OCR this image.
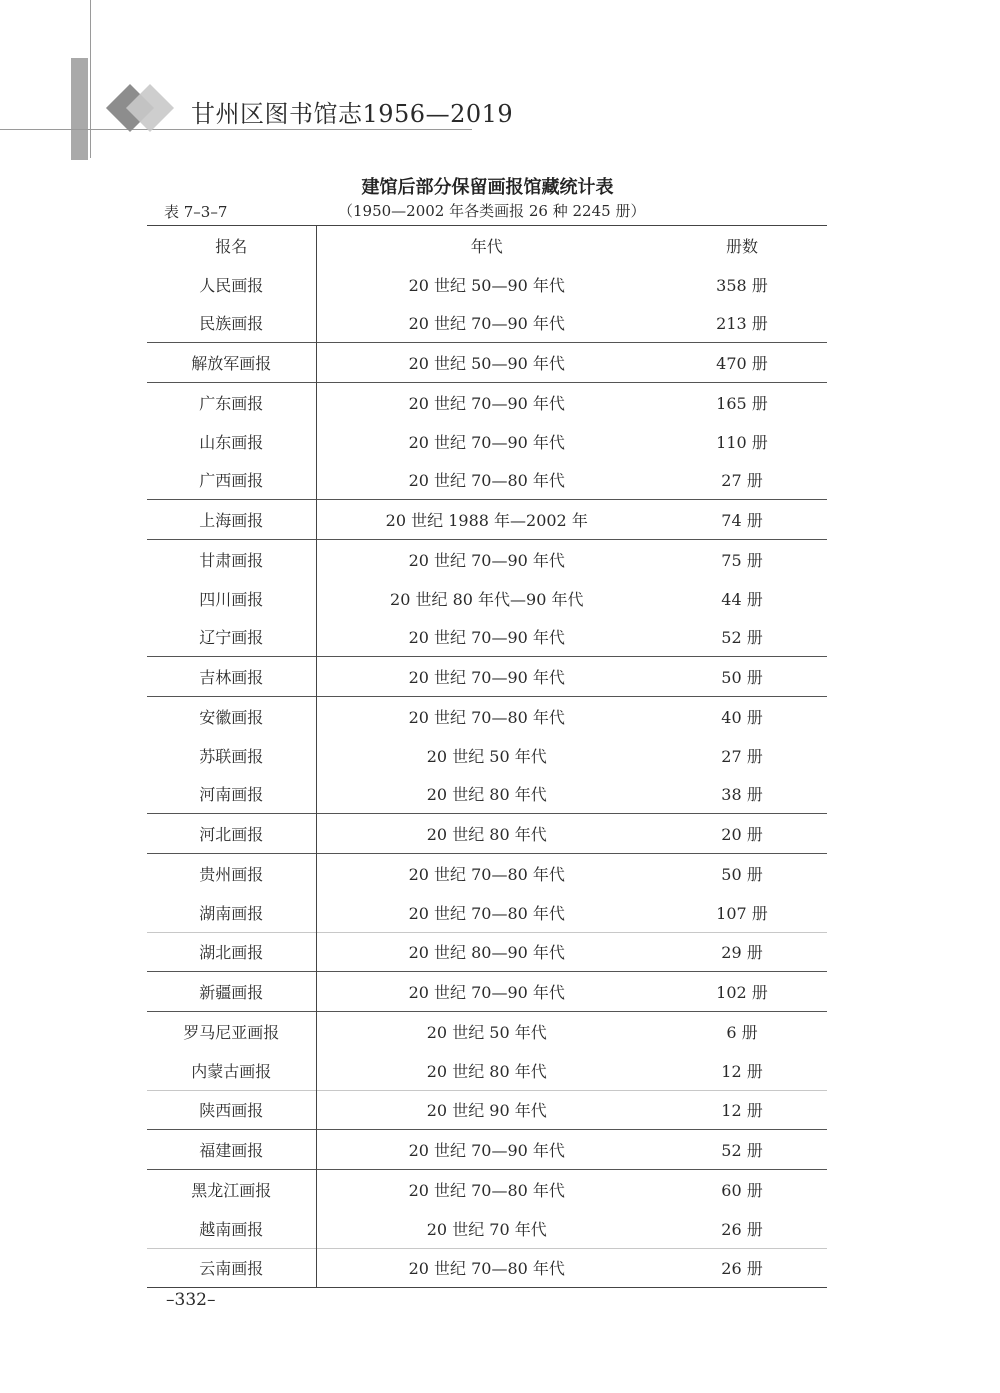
甘州区图书馆志1956—2019
建馆后部分保留画报馆藏统计表
表 7–3–7	（1950—2002 年各类画报 26 种 2245 册）
报名	年代	册数
人民画报	20 世纪 50—90 年代	358 册
民族画报	20 世纪 70—90 年代	213 册
解放军画报	20 世纪 50—90 年代	470 册
广东画报	20 世纪 70—90 年代	165 册
山东画报	20 世纪 70—90 年代	110 册
广西画报	20 世纪 70—80 年代	27 册
上海画报	20 世纪 1988 年—2002 年	74 册
甘肃画报	20 世纪 70—90 年代	75 册
四川画报	20 世纪 80 年代—90 年代	44 册
辽宁画报	20 世纪 70—90 年代	52 册
吉林画报	20 世纪 70—90 年代	50 册
安徽画报	20 世纪 70—80 年代	40 册
苏联画报	20 世纪 50 年代	27 册
河南画报	20 世纪 80 年代	38 册
河北画报	20 世纪 80 年代	20 册
贵州画报	20 世纪 70—80 年代	50 册
湖南画报	20 世纪 70—80 年代	107 册
湖北画报	20 世纪 80—90 年代	29 册
新疆画报	20 世纪 70—90 年代	102 册
罗马尼亚画报	20 世纪 50 年代	6 册
内蒙古画报	20 世纪 80 年代	12 册
陕西画报	20 世纪 90 年代	12 册
福建画报	20 世纪 70—90 年代	52 册
黑龙江画报	20 世纪 70—80 年代	60 册
越南画报	20 世纪 70 年代	26 册
云南画报	20 世纪 70—80 年代	26 册
–332–
